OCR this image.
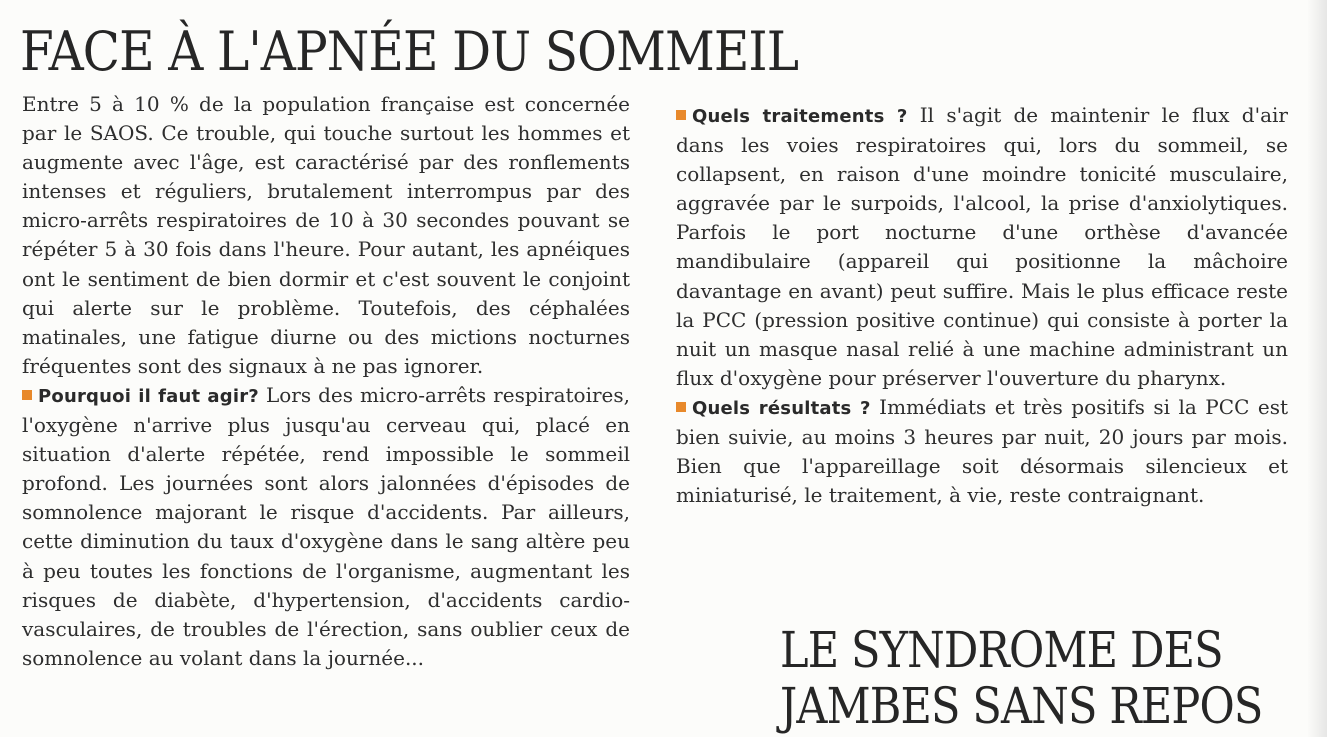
FACE À L'APNÉE DU SOMMEIL

Entre 5 à 10 % de la population française est concernée par le SAOS. Ce trouble, qui touche surtout les hommes et augmente avec l'âge, est caractérisé par des ronflements intenses et réguliers, brutalement interrompus par des micro-arrêts respiratoires de 10 à 30 secondes pouvant se répéter 5 à 30 fois dans l'heure. Pour autant, les apnéiques ont le sentiment de bien dormir et c'est souvent le conjoint qui alerte sur le problème. Toutefois, des céphalées matinales, une fatigue diurne ou des mictions nocturnes fréquentes sont des signaux à ne pas ignorer.

Pourquoi il faut agir? Lors des micro-arrêts respiratoires, l'oxygène n'arrive plus jusqu'au cerveau qui, placé en situation d'alerte répétée, rend impossible le sommeil profond. Les journées sont alors jalonnées d'épisodes de somnolence majorant le risque d'accidents. Par ailleurs, cette diminution du taux d'oxygène dans le sang altère peu à peu toutes les fonctions de l'organisme, augmentant les risques de diabète, d'hypertension, d'accidents cardio-vasculaires, de troubles de l'érection, sans oublier ceux de somnolence au volant dans la journée...

Quels traitements ? Il s'agit de maintenir le flux d'air dans les voies respiratoires qui, lors du sommeil, se collapsent, en raison d'une moindre tonicité musculaire, aggravée par le surpoids, l'alcool, la prise d'anxiolytiques. Parfois le port nocturne d'une orthèse d'avancée mandibulaire (appareil qui positionne la mâchoire davantage en avant) peut suffire. Mais le plus efficace reste la PCC (pression positive continue) qui consiste à porter la nuit un masque nasal relié à une machine administrant un flux d'oxygène pour préserver l'ouverture du pharynx.

Quels résultats ? Immédiats et très positifs si la PCC est bien suivie, au moins 3 heures par nuit, 20 jours par mois. Bien que l'appareillage soit désormais silencieux et miniaturisé, le traitement, à vie, reste contraignant.

LE SYNDROME DES
JAMBES SANS REPOS
